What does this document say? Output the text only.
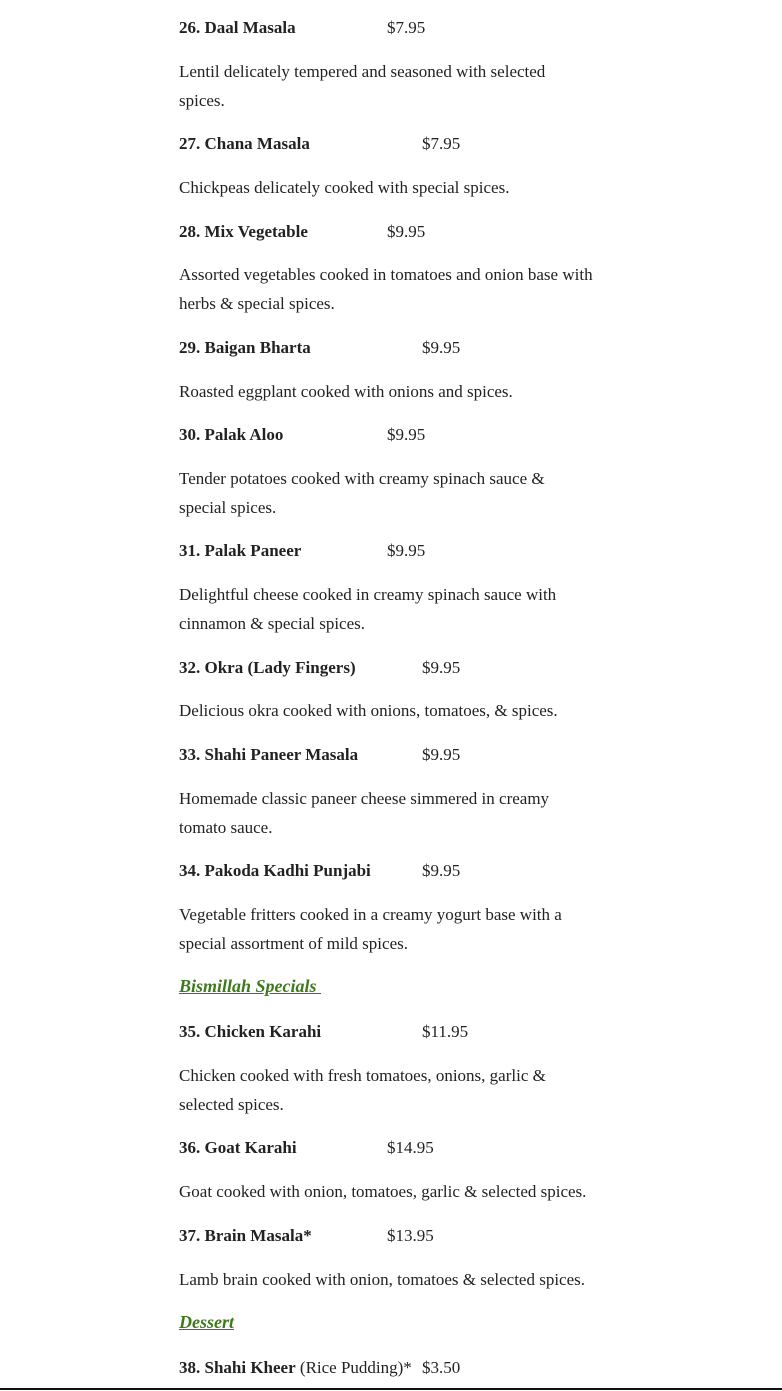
26. Daal Masala	$7.95
Lentil delicately tempered and seasoned with selected
spices.
27. Chana Masala	$7.95
Chickpeas delicately cooked with special spices.
28. Mix Vegetable	$9.95
Assorted vegetables cooked in tomatoes and onion base with
herbs & special spices.
29. Baigan Bharta	$9.95
Roasted eggplant cooked with onions and spices.
30. Palak Aloo	$9.95
Tender potatoes cooked with creamy spinach sauce &
special spices.
31. Palak Paneer	$9.95
Delightful cheese cooked in creamy spinach sauce with
cinnamon & special spices.
32. Okra (Lady Fingers)	$9.95
Delicious okra cooked with onions, tomatoes, & spices.
33. Shahi Paneer Masala	$9.95
Homemade classic paneer cheese simmered in creamy
tomato sauce.
34. Pakoda Kadhi Punjabi	$9.95
Vegetable fritters cooked in a creamy yogurt base with a
special assortment of mild spices.
Bismillah Specials
35. Chicken Karahi	$11.95
Chicken cooked with fresh tomatoes, onions, garlic &
selected spices.
36. Goat Karahi	$14.95
Goat cooked with onion, tomatoes, garlic & selected spices.
37. Brain Masala*	$13.95
Lamb brain cooked with onion, tomatoes & selected spices.
Dessert
38. Shahi Kheer (Rice Pudding)* $3.50
